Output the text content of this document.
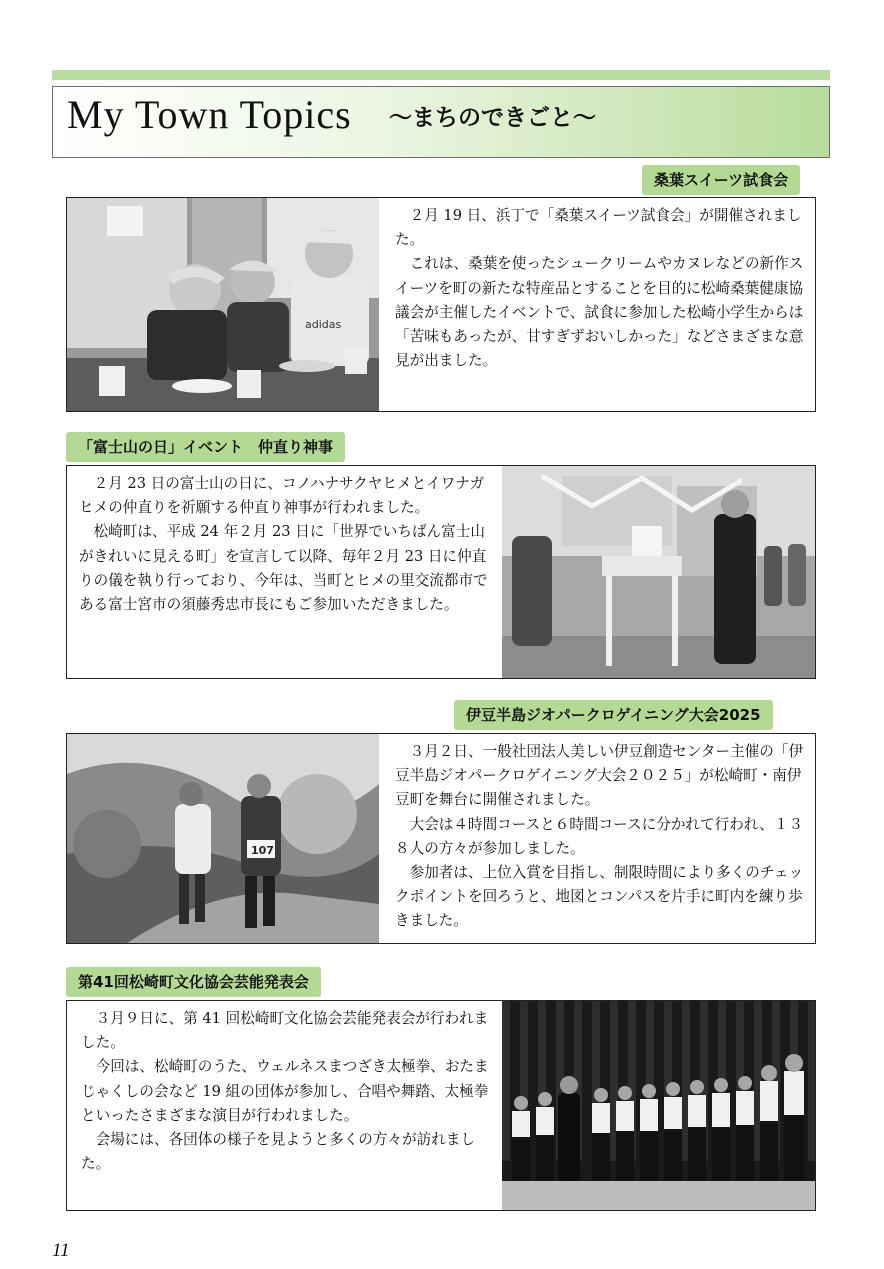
My Town Topics ～まちのできごと～
桑葉スイーツ試食会
adidas

２月 19 日、浜丁で「桑葉スイーツ試食会」が開催されました。

これは、桑葉を使ったシュークリームやカヌレなどの新作スイーツを町の新たな特産品とすることを目的に松崎桑葉健康協議会が主催したイベントで、試食に参加した松崎小学生からは「苦味もあったが、甘すぎずおいしかった」などさまざまな意見が出ました。

「富士山の日」イベント　仲直り神事

２月 23 日の富士山の日に、コノハナサクヤヒメとイワナガヒメの仲直りを祈願する仲直り神事が行われました。

松崎町は、平成 24 年２月 23 日に「世界でいちばん富士山がきれいに見える町」を宣言して以降、毎年２月 23 日に仲直りの儀を執り行っており、今年は、当町とヒメの里交流都市である富士宮市の須藤秀忠市長にもご参加いただきました。

伊豆半島ジオパークロゲイニング大会2025
107

３月２日、一般社団法人美しい伊豆創造センター主催の「伊豆半島ジオパークロゲイニング大会２０２５」が松崎町・南伊豆町を舞台に開催されました。

大会は４時間コースと６時間コースに分かれて行われ、１３８人の方々が参加しました。

参加者は、上位入賞を目指し、制限時間により多くのチェックポイントを回ろうと、地図とコンパスを片手に町内を練り歩きました。

第41回松崎町文化協会芸能発表会

３月９日に、第 41 回松崎町文化協会芸能発表会が行われました。

今回は、松崎町のうた、ウェルネスまつざき太極拳、おたまじゃくしの会など 19 組の団体が参加し、合唱や舞踏、太極拳といったさまざまな演目が行われました。

会場には、各団体の様子を見ようと多くの方々が訪れました。

11
